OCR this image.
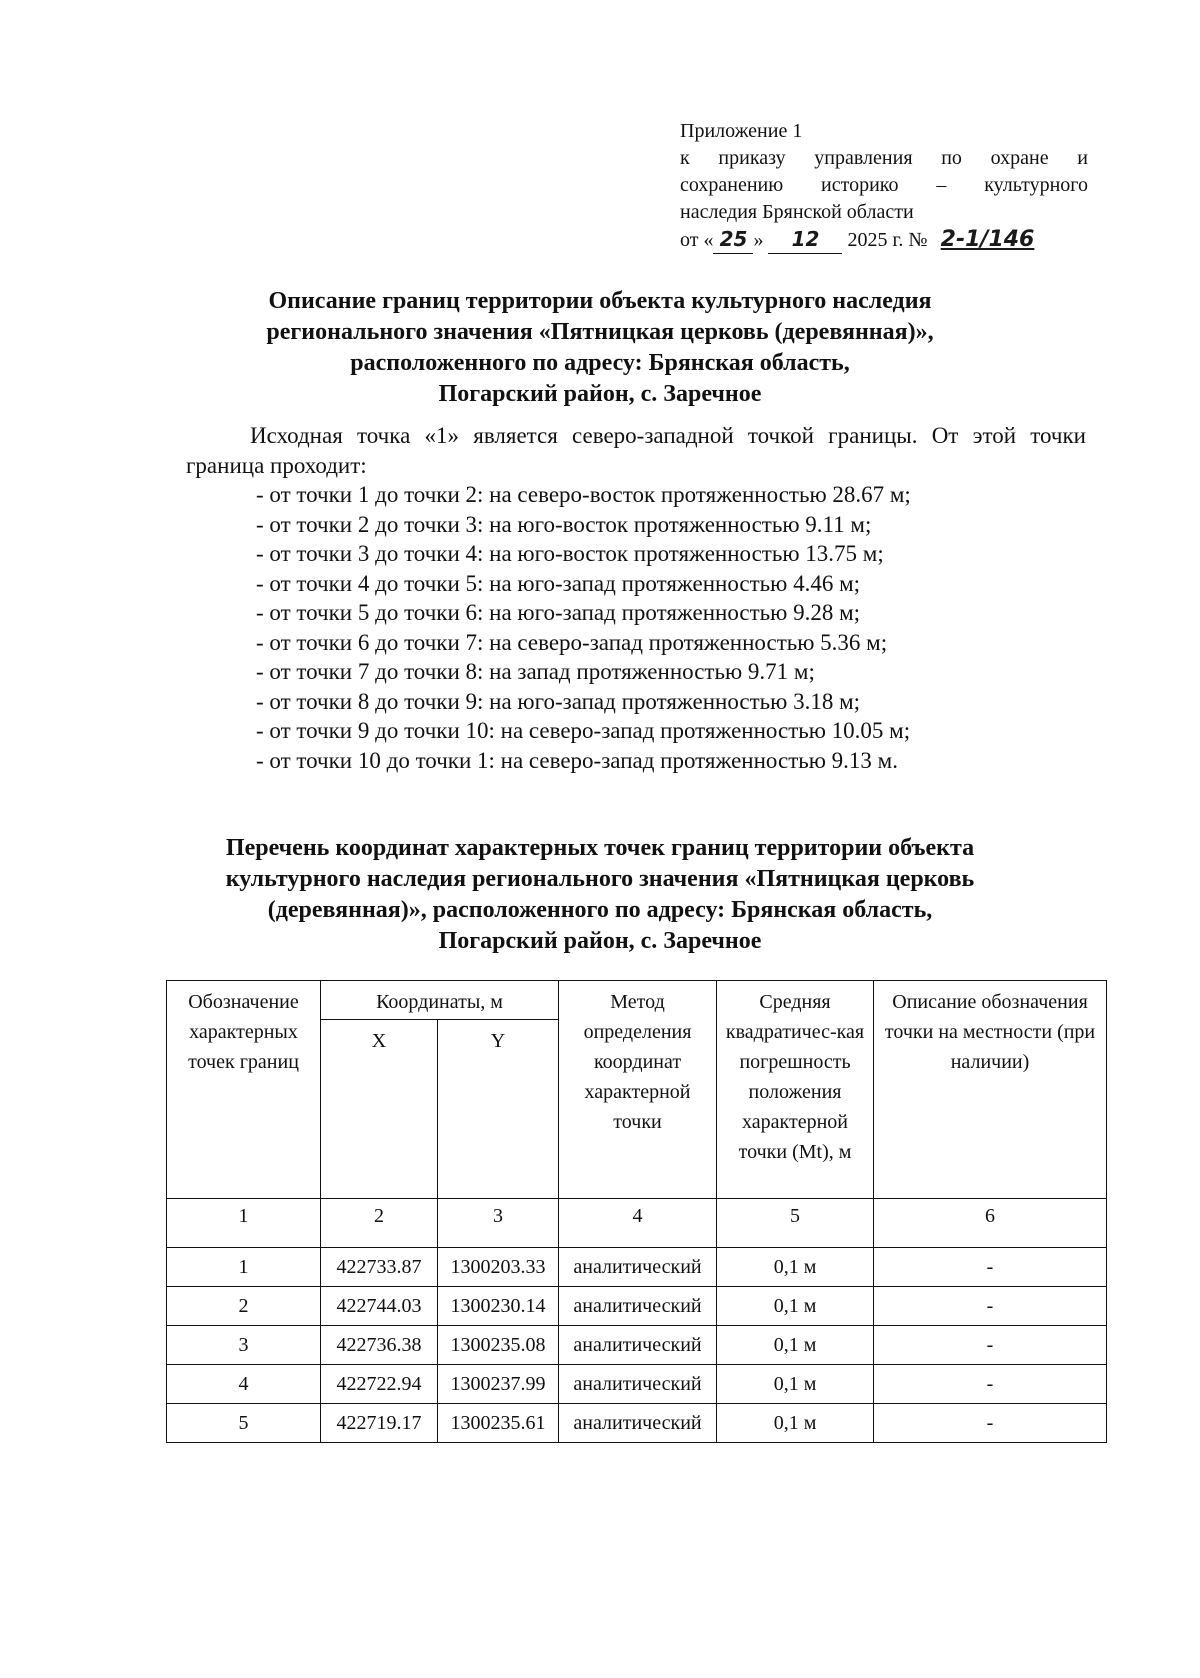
Приложение 1
к приказу управления по охране и
сохранению историко – культурного
наследия Брянской области
от « 25 » 12 2025 г. № 2-1/146
Описание границ территории объекта культурного наследия
регионального значения «Пятницкая церковь (деревянная)»,
расположенного по адресу: Брянская область,
Погарский район, с. Заречное

Исходная точка «1» является северо-западной точкой границы. От этой точки граница проходит:

- от точки 1 до точки 2: на северо-восток протяженностью 28.67 м;
- от точки 2 до точки 3: на юго-восток протяженностью 9.11 м;
- от точки 3 до точки 4: на юго-восток протяженностью 13.75 м;
- от точки 4 до точки 5: на юго-запад протяженностью 4.46 м;
- от точки 5 до точки 6: на юго-запад протяженностью 9.28 м;
- от точки 6 до точки 7: на северо-запад протяженностью 5.36 м;
- от точки 7 до точки 8: на запад протяженностью 9.71 м;
- от точки 8 до точки 9: на юго-запад протяженностью 3.18 м;
- от точки 9 до точки 10: на северо-запад протяженностью 10.05 м;
- от точки 10 до точки 1: на северо-запад протяженностью 9.13 м.
Перечень координат характерных точек границ территории объекта
культурного наследия регионального значения «Пятницкая церковь
(деревянная)», расположенного по адресу: Брянская область,
Погарский район, с. Заречное
Обозначение характерных точек границ	Координаты, м		Метод определения координат характерной точки	Средняя квадратичес-кая погрешность положения характерной точки (Mt), м	Описание обозначения точки на местности (при наличии)
	X	Y			
1	2	3	4	5	6
1	422733.87	1300203.33	аналитический	0,1 м	-
2	422744.03	1300230.14	аналитический	0,1 м	-
3	422736.38	1300235.08	аналитический	0,1 м	-
4	422722.94	1300237.99	аналитический	0,1 м	-
5	422719.17	1300235.61	аналитический	0,1 м	-
